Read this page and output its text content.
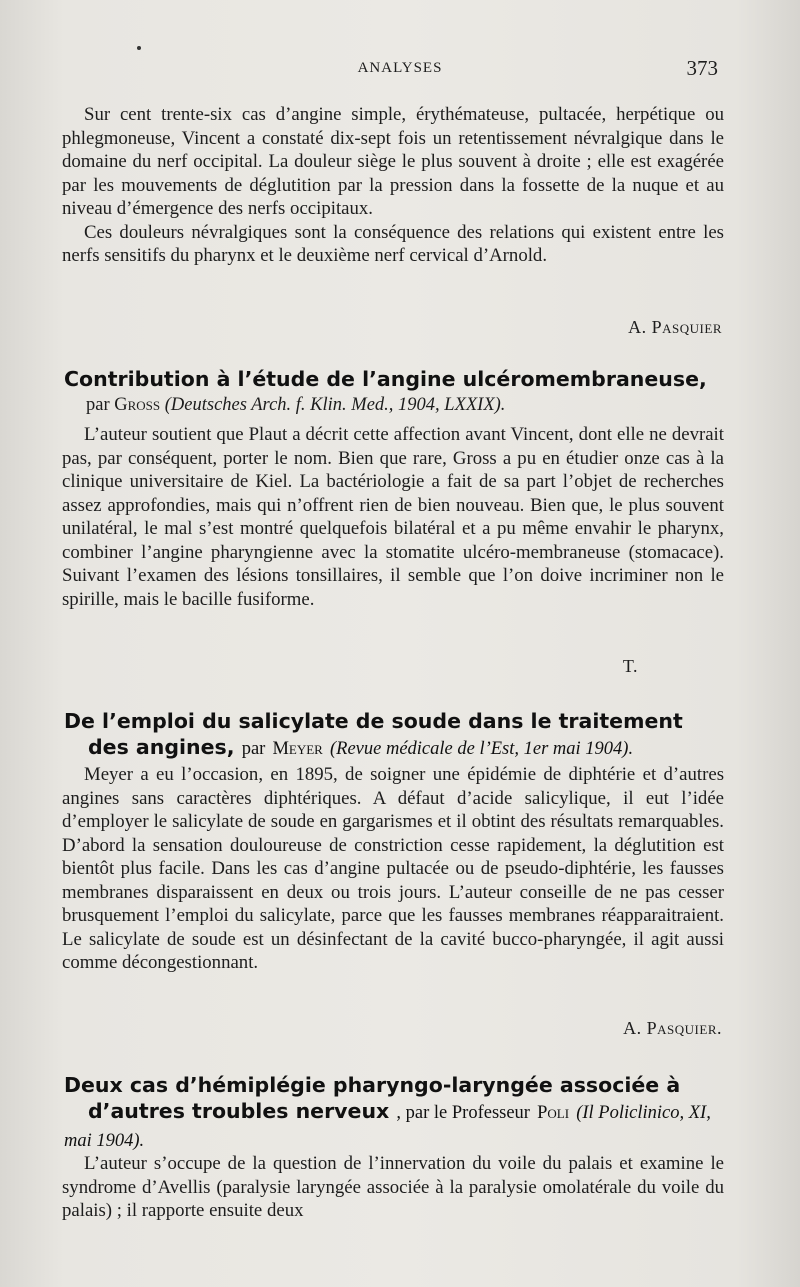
ANALYSES	373

Sur cent trente-six cas d’angine simple, érythémateuse, pultacée, herpétique ou phlegmoneuse, Vincent a constaté dix-sept fois un retentissement névralgique dans le domaine du nerf occipital. La douleur siège le plus souvent à droite ; elle est exagérée par les mouvements de déglutition par la pression dans la fossette de la nuque et au niveau d’émergence des nerfs occipitaux.

Ces douleurs névralgiques sont la conséquence des relations qui existent entre les nerfs sensitifs du pharynx et le deuxième nerf cervical d’Arnold.

A. Pasquier
Contribution à l’étude de l’angine ulcéromembraneuse,
par Gross (Deutsches Arch. f. Klin. Med., 1904, LXXIX).

L’auteur soutient que Plaut a décrit cette affection avant Vincent, dont elle ne devrait pas, par conséquent, porter le nom. Bien que rare, Gross a pu en étudier onze cas à la clinique universitaire de Kiel. La bactériologie a fait de sa part l’objet de recherches assez approfondies, mais qui n’offrent rien de bien nouveau. Bien que, le plus souvent unilatéral, le mal s’est montré quelquefois bilatéral et a pu même envahir le pharynx, combiner l’angine pharyngienne avec la stomatite ulcéro-membraneuse (stomacace). Suivant l’examen des lésions tonsillaires, il semble que l’on doive incriminer non le spirille, mais le bacille fusiforme.

T.
De l’emploi du salicylate de soude dans le traitement
des angines, par Meyer (Revue médicale de l’Est, 1er mai 1904).

Meyer a eu l’occasion, en 1895, de soigner une épidémie de diphtérie et d’autres angines sans caractères diphtériques. A défaut d’acide salicylique, il eut l’idée d’employer le salicylate de soude en gargarismes et il obtint des résultats remarquables. D’abord la sensation douloureuse de constriction cesse rapidement, la déglutition est bientôt plus facile. Dans les cas d’angine pultacée ou de pseudo-diphtérie, les fausses membranes disparaissent en deux ou trois jours. L’auteur conseille de ne pas cesser brusquement l’emploi du salicylate, parce que les fausses membranes réapparaitraient. Le salicylate de soude est un désinfectant de la cavité bucco-pharyngée, il agit aussi comme décongestionnant.

A. Pasquier.
Deux cas d’hémiplégie pharyngo-laryngée associée à
d’autres troubles nerveux , par le Professeur Poli (Il Policlinico, XI, mai 1904).

L’auteur s’occupe de la question de l’innervation du voile du palais et examine le syndrome d’Avellis (paralysie laryngée associée à la paralysie omolatérale du voile du palais) ; il rapporte ensuite deux
